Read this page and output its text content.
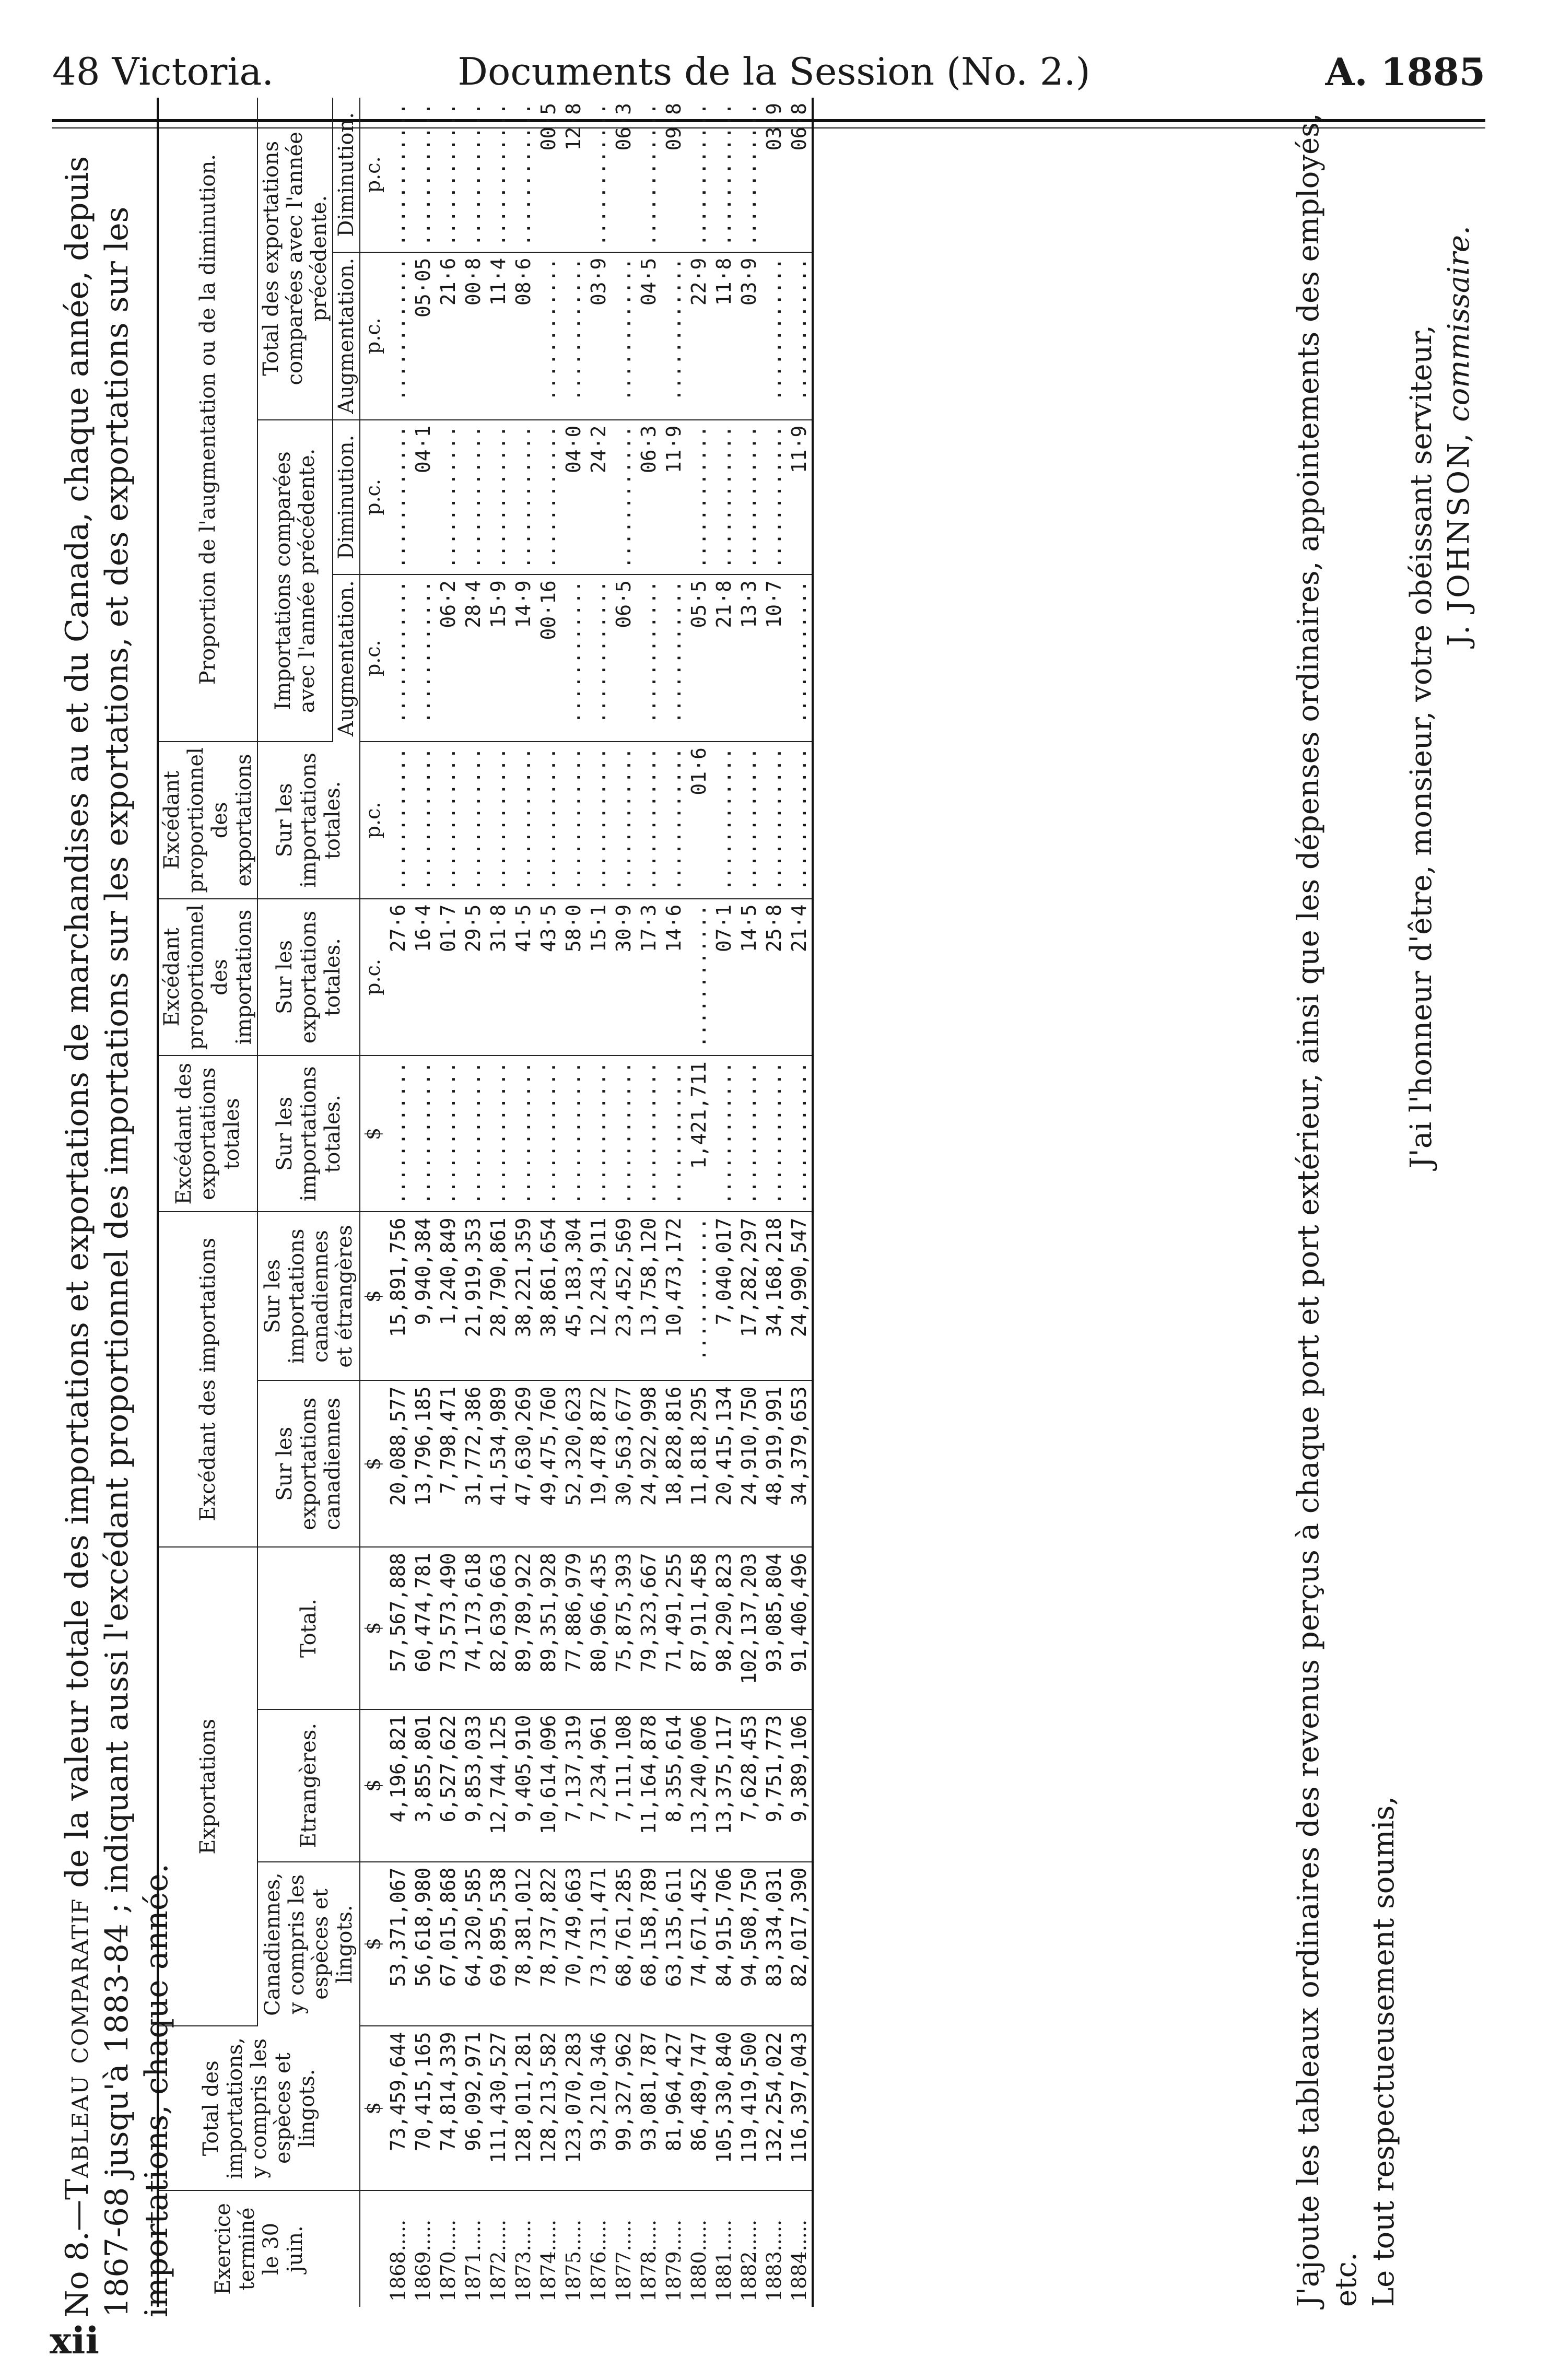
48 Victoria.	Documents de la Session (No. 2.)	A. 1885
xii
No 8.—Tableau comparatif de la valeur totale des importations et exportations de marchandises au et du Canada, chaque année, depuis 1867-68 jusqu'à 1883-84 ; indiquant aussi l'excédant proportionnel des importations sur les exportations, et des exportations sur les importations, chaque année. Exercice terminé le 30 juin.	Total des importations, y compris les espèces et lingots.	Exportations			Excédant des importations		Excédant des exportations totales	Excédant proportionnel des importations	Excédant proportionnel des exportations	Proportion de l'augmentation ou de la diminution.			
		Canadiennes, y compris les espèces et lingots.	Etrangères.	Total.	Sur les exportations canadiennes	Sur les importations canadiennes et étrangères	Sur les importations totales.	Sur les exportations totales.	Sur les importations totales.	Importations comparées avec l'année précédente.		Total des exportations comparées avec l'année précédente.	
										Augmentation.	Diminution.	Augmentation.	Diminution.
	$	$	$	$	$	$	$	p.c.	p.c.	p.c.	p.c.	p.c.	p.c.
1868.....	73,459,644	53,371,067	4,196,821	57,567,888	20,088,577	15,891,756	............	27·6	............	............	............	............	............
1869.....	70,415,165	56,618,980	3,855,801	60,474,781	13,796,185	9,940,384	............	16·4	............	............	04·1	05·05	............
1870.....	74,814,339	67,015,868	6,527,622	73,573,490	7,798,471	1,240,849	............	01·7	............	06·2	............	21·6	............
1871.....	96,092,971	64,320,585	9,853,033	74,173,618	31,772,386	21,919,353	............	29·5	............	28·4	............	00·8	............
1872.....	111,430,527	69,895,538	12,744,125	82,639,663	41,534,989	28,790,861	............	31·8	............	15·9	............	11·4	............
1873.....	128,011,281	78,381,012	9,405,910	89,789,922	47,630,269	38,221,359	............	41·5	............	14·9	............	08·6	............
1874.....	128,213,582	78,737,822	10,614,096	89,351,928	49,475,760	38,861,654	............	43·5	............	00·16	............	............	00·5
1875.....	123,070,283	70,749,663	7,137,319	77,886,979	52,320,623	45,183,304	............	58·0	............	............	04·0	............	12·8
1876.....	93,210,346	73,731,471	7,234,961	80,966,435	19,478,872	12,243,911	............	15·1	............	............	24·2	03·9	............
1877.....	99,327,962	68,761,285	7,111,108	75,875,393	30,563,677	23,452,569	............	30·9	............	06·5	............	............	06·3
1878.....	93,081,787	68,158,789	11,164,878	79,323,667	24,922,998	13,758,120	............	17·3	............	............	06·3	04·5	............
1879.....	81,964,427	63,135,611	8,355,614	71,491,255	18,828,816	10,473,172	............	14·6	............	............	11·9	............	09·8
1880.....	86,489,747	74,671,452	13,240,006	87,911,458	11,818,295	............	1,421,711	............	01·6	05·5	............	22·9	............
1881.....	105,330,840	84,915,706	13,375,117	98,290,823	20,415,134	7,040,017	............	07·1	............	21·8	............	11·8	............
1882.....	119,419,500	94,508,750	7,628,453	102,137,203	24,910,750	17,282,297	............	14·5	............	13·3	............	03·9	............
1883.....	132,254,022	83,334,031	9,751,773	93,085,804	48,919,991	34,168,218	............	25·8	............	10·7	............	............	03·9
1884.....	116,397,043	82,017,390	9,389,106	91,406,496	34,379,653	24,990,547	............	21·4	............	............	11·9	............	06·8	J'ajoute les tableaux ordinaires des revenus perçus à chaque port et port extérieur, ainsi que les dépenses ordinaires, appointements des employés, etc. Le tout respectueusement soumis,

J'ai l'honneur d'être, monsieur, votre obéissant serviteur, J. JOHNSON, commissaire.
